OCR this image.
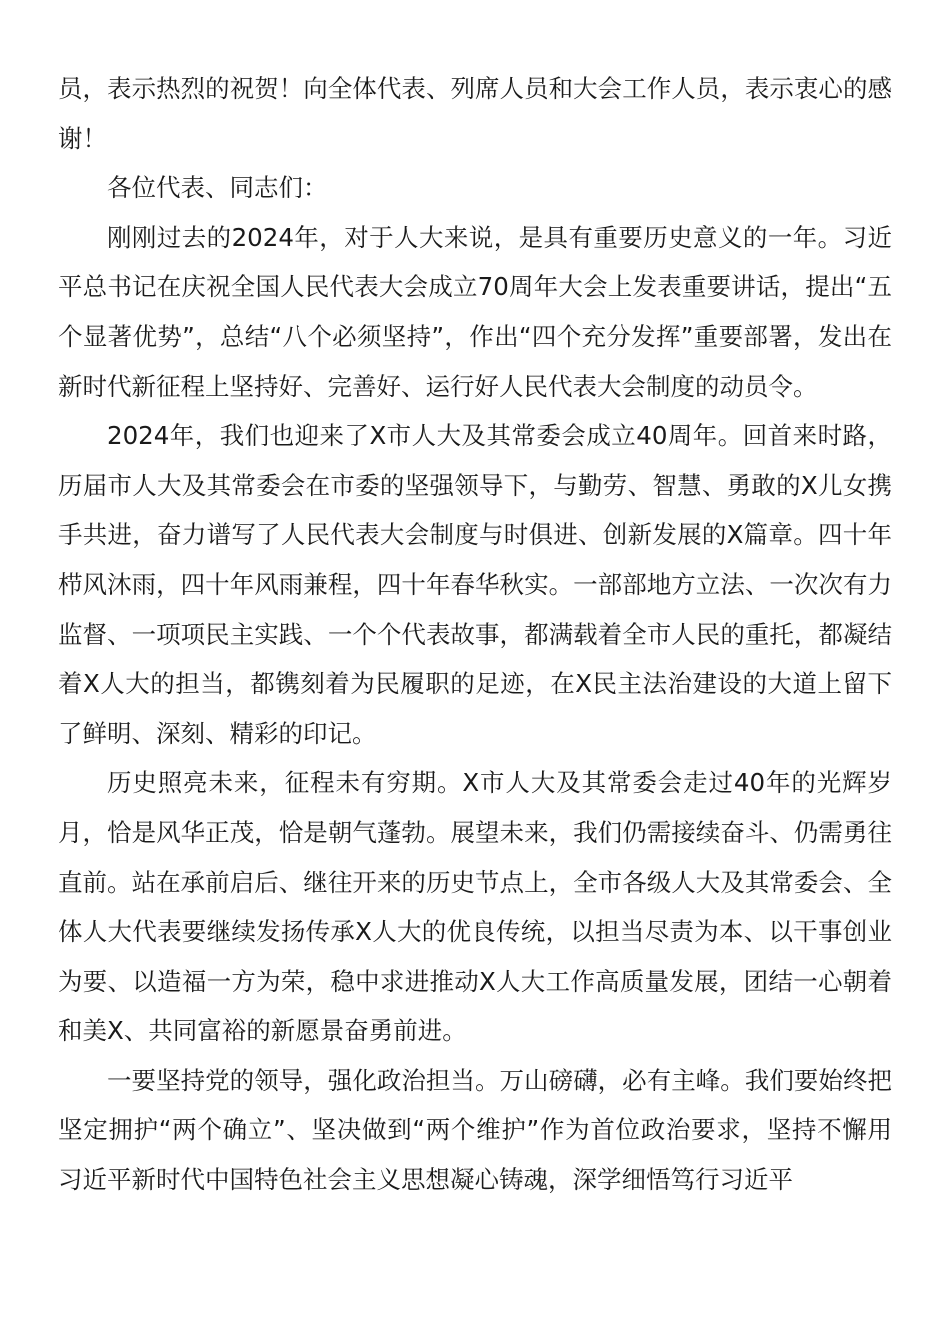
员，表示热烈的祝贺！向全体代表、列席人员和大会工作人员，表示衷心的感谢！

各位代表、同志们：

刚刚过去的2024年，对于人大来说，是具有重要历史意义的一年。习近平总书记在庆祝全国人民代表大会成立70周年大会上发表重要讲话，提出“五个显著优势”，总结“八个必须坚持”，作出“四个充分发挥”重要部署，发出在新时代新征程上坚持好、完善好、运行好人民代表大会制度的动员令。

2024年，我们也迎来了X市人大及其常委会成立40周年。回首来时路，历届市人大及其常委会在市委的坚强领导下，与勤劳、智慧、勇敢的X儿女携手共进，奋力谱写了人民代表大会制度与时俱进、创新发展的X篇章。四十年栉风沐雨，四十年风雨兼程，四十年春华秋实。一部部地方立法、一次次有力监督、一项项民主实践、一个个代表故事，都满载着全市人民的重托，都凝结着X人大的担当，都镌刻着为民履职的足迹，在X民主法治建设的大道上留下了鲜明、深刻、精彩的印记。

历史照亮未来，征程未有穷期。X市人大及其常委会走过40年的光辉岁月，恰是风华正茂，恰是朝气蓬勃。展望未来，我们仍需接续奋斗、仍需勇往直前。站在承前启后、继往开来的历史节点上，全市各级人大及其常委会、全体人大代表要继续发扬传承X人大的优良传统，以担当尽责为本、以干事创业为要、以造福一方为荣，稳中求进推动X人大工作高质量发展，团结一心朝着和美X、共同富裕的新愿景奋勇前进。

一要坚持党的领导，强化政治担当。万山磅礴，必有主峰。我们要始终把坚定拥护“两个确立”、坚决做到“两个维护”作为首位政治要求，坚持不懈用习近平新时代中国特色社会主义思想凝心铸魂，深学细悟笃行习近平
